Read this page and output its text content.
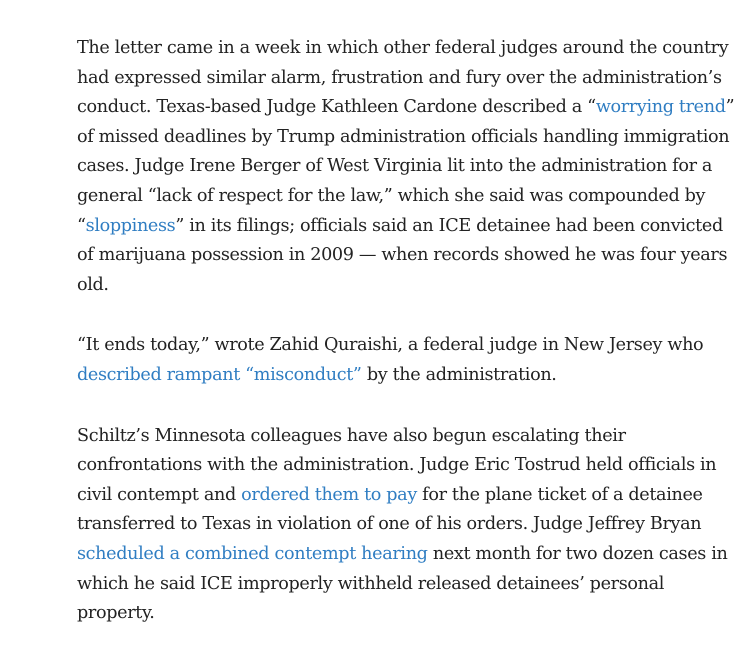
The letter came in a week in which other federal judges around the country had expressed similar alarm, frustration and fury over the administration’s conduct. Texas-based Judge Kathleen Cardone described a “worrying trend” of missed deadlines by Trump administration officials handling immigration cases. Judge Irene Berger of West Virginia lit into the administration for a general “lack of respect for the law,” which she said was compounded by “sloppiness” in its filings; officials said an ICE detainee had been convicted of marijuana possession in 2009 — when records showed he was four years old.

“It ends today,” wrote Zahid Quraishi, a federal judge in New Jersey who described rampant “misconduct” by the administration.

Schiltz’s Minnesota colleagues have also begun escalating their confrontations with the administration. Judge Eric Tostrud held officials in civil contempt and ordered them to pay for the plane ticket of a detainee transferred to Texas in violation of one of his orders. Judge Jeffrey Bryan scheduled a combined contempt hearing next month for two dozen cases in which he said ICE improperly withheld released detainees’ personal property.
